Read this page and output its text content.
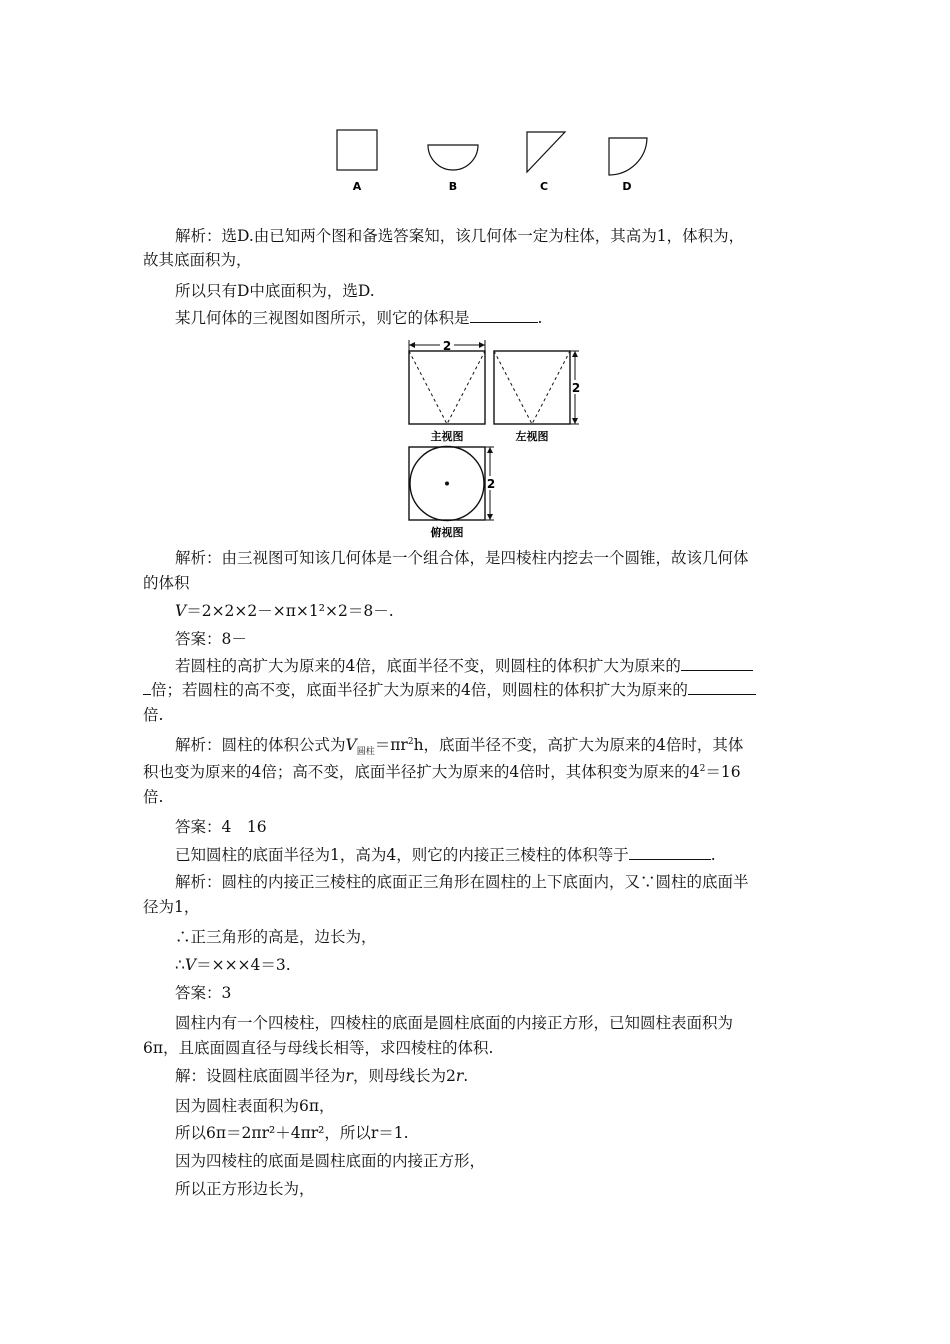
A	B	C	D
2
主视图	左视图
2
俯视图
2
解析：选D.由已知两个图和备选答案知，该几何体一定为柱体，其高为1，体积为，
故其底面积为，
所以只有D中底面积为，选D.
某几何体的三视图如图所示，则它的体积是	.
解析：由三视图可知该几何体是一个组合体，是四棱柱内挖去一个圆锥，故该几何体
的体积
V＝2×2×2－×π×1²×2＝8－.
答案：8－
若圆柱的高扩大为原来的4倍，底面半径不变，则圆柱的体积扩大为原来的
倍；若圆柱的高不变，底面半径扩大为原来的4倍，则圆柱的体积扩大为原来的
倍.
解析：圆柱的体积公式为$V_{圆柱}=\pi r^2h$，底面半径不变，高扩大为原来的4倍时，其体
积也变为原来的4倍；高不变，底面半径扩大为原来的4倍时，其体积变为原来的$4^2=16$
倍.
答案：4　16
已知圆柱的底面半径为1，高为4，则它的内接正三棱柱的体积等于	.
解析：圆柱的内接正三棱柱的底面正三角形在圆柱的上下底面内，又∵圆柱的底面半
径为1，
∴正三角形的高是，边长为，
∴V＝×××4＝3.
答案：3
圆柱内有一个四棱柱，四棱柱的底面是圆柱底面的内接正方形，已知圆柱表面积为
6π，且底面圆直径与母线长相等，求四棱柱的体积.
解：设圆柱底面圆半径为r，则母线长为2r.
因为圆柱表面积为6π，
所以6π＝2πr²＋4πr²，所以r＝1.
因为四棱柱的底面是圆柱底面的内接正方形，
所以正方形边长为，
